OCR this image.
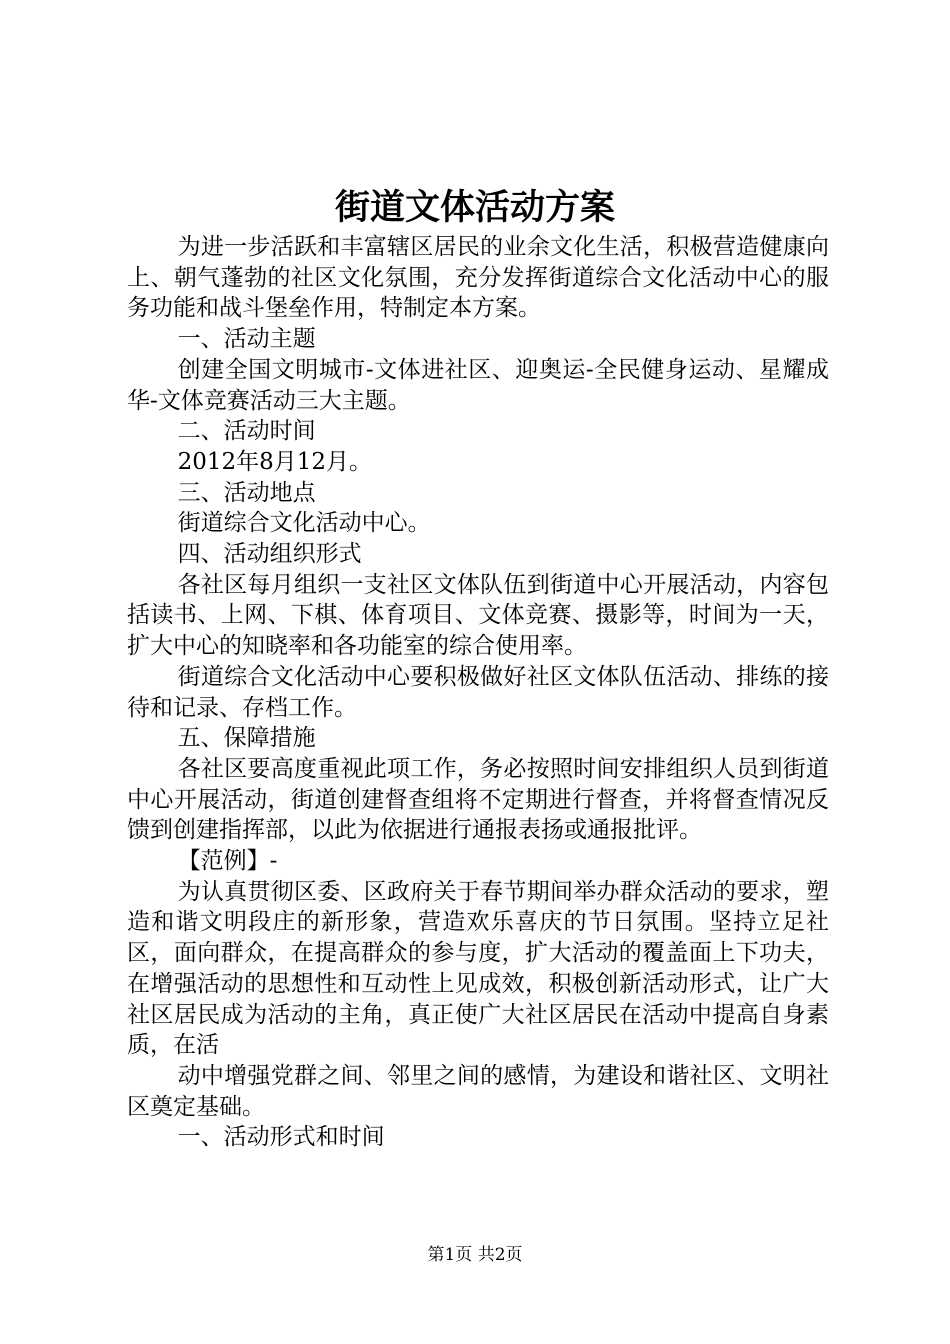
街道文体活动方案

为进一步活跃和丰富辖区居民的业余文化生活，积极营造健康向上、朝气蓬勃的社区文化氛围，充分发挥街道综合文化活动中心的服务功能和战斗堡垒作用，特制定本方案。

一、活动主题

创建全国文明城市-文体进社区、迎奥运-全民健身运动、星耀成华-文体竞赛活动三大主题。

二、活动时间

2012年8月12月。

三、活动地点

街道综合文化活动中心。

四、活动组织形式

各社区每月组织一支社区文体队伍到街道中心开展活动，内容包括读书、上网、下棋、体育项目、文体竞赛、摄影等，时间为一天，扩大中心的知晓率和各功能室的综合使用率。

街道综合文化活动中心要积极做好社区文体队伍活动、排练的接待和记录、存档工作。

五、保障措施

各社区要高度重视此项工作，务必按照时间安排组织人员到街道中心开展活动，街道创建督查组将不定期进行督查，并将督查情况反馈到创建指挥部，以此为依据进行通报表扬或通报批评。

【范例】-

为认真贯彻区委、区政府关于春节期间举办群众活动的要求，塑造和谐文明段庄的新形象，营造欢乐喜庆的节日氛围。坚持立足社区，面向群众，在提高群众的参与度，扩大活动的覆盖面上下功夫，在增强活动的思想性和互动性上见成效，积极创新活动形式，让广大社区居民成为活动的主角，真正使广大社区居民在活动中提高自身素质，在活

动中增强党群之间、邻里之间的感情，为建设和谐社区、文明社区奠定基础。

一、活动形式和时间

第1页 共2页
